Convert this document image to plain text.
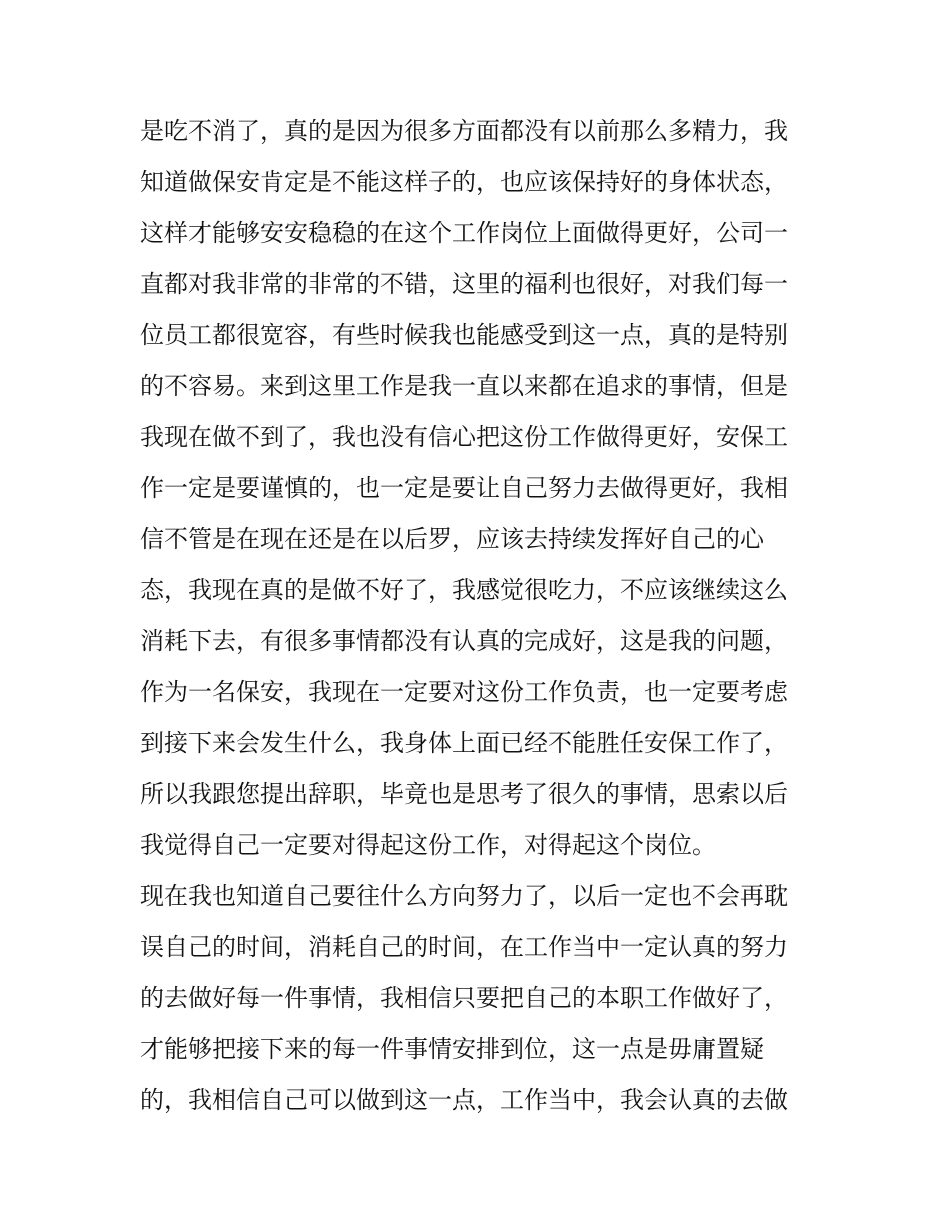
是吃不消了，真的是因为很多方面都没有以前那么多精力，我
知道做保安肯定是不能这样子的，也应该保持好的身体状态，
这样才能够安安稳稳的在这个工作岗位上面做得更好，公司一
直都对我非常的非常的不错，这里的福利也很好，对我们每一
位员工都很宽容，有些时候我也能感受到这一点，真的是特别
的不容易。来到这里工作是我一直以来都在追求的事情，但是
我现在做不到了，我也没有信心把这份工作做得更好，安保工
作一定是要谨慎的，也一定是要让自己努力去做得更好，我相
信不管是在现在还是在以后罗，应该去持续发挥好自己的心
态，我现在真的是做不好了，我感觉很吃力，不应该继续这么
消耗下去，有很多事情都没有认真的完成好，这是我的问题，
作为一名保安，我现在一定要对这份工作负责，也一定要考虑
到接下来会发生什么，我身体上面已经不能胜任安保工作了，
所以我跟您提出辞职，毕竟也是思考了很久的事情，思索以后
我觉得自己一定要对得起这份工作，对得起这个岗位。
现在我也知道自己要往什么方向努力了，以后一定也不会再耽
误自己的时间，消耗自己的时间，在工作当中一定认真的努力
的去做好每一件事情，我相信只要把自己的本职工作做好了，
才能够把接下来的每一件事情安排到位，这一点是毋庸置疑
的，我相信自己可以做到这一点，工作当中，我会认真的去做
